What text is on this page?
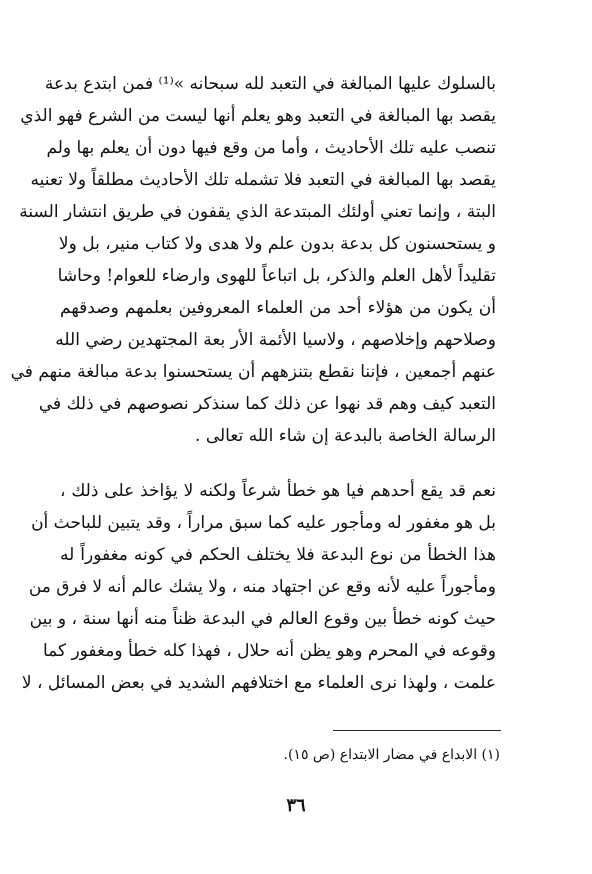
بالسلوك عليها المبالغة في التعبد لله سبحانه »⁽¹⁾ فمن ابتدع بدعة
يقصد بها المبالغة في التعبد وهو يعلم أنها ليست من الشرع فهو الذي
تنصب عليه تلك الأحاديث ، وأما من وقع فيها دون أن يعلم بها ولم
يقصد بها المبالغة في التعبد فلا تشمله تلك الأحاديث مطلقاً ولا تعنيه
البتة ، وإنما تعني أولئك المبتدعة الذي يقفون في طريق انتشار السنة
و يستحسنون كل بدعة بدون علم ولا هدى ولا كتاب منير، بل ولا
تقليداً لأهل العلم والذكر، بل اتباعاً للهوى وارضاء للعوام! وحاشا
أن يكون من هؤلاء أحد من العلماء المعروفين بعلمهم وصدقهم
وصلاحهم وإخلاصهم ، ولاسيا الأئمة الأر بعة المجتهدين رضي الله
عنهم أجمعين ، فإننا نقطع بتنزههم أن يستحسنوا بدعة مبالغة منهم في
التعبد كيف وهم قد نهوا عن ذلك كما سنذكر نصوصهم في ذلك في
الرسالة الخاصة بالبدعة إن شاء الله تعالى .
نعم قد يقع أحدهم فيا هو خطأ شرعاً ولكنه لا يؤاخذ على ذلك ،
بل هو مغفور له ومأجور عليه كما سبق مراراً ، وقد يتبين للباحث أن
هذا الخطأ من نوع البدعة فلا يختلف الحكم في كونه مغفوراً له
ومأجوراً عليه لأنه وقع عن اجتهاد منه ، ولا يشك عالم أنه لا فرق من
حيث كونه خطأ بين وقوع العالم في البدعة ظناً منه أنها سنة ، و بين
وقوعه في المحرم وهو يظن أنه حلال ، فهذا كله خطأ ومغفور كما
علمت ، ولهذا نرى العلماء مع اختلافهم الشديد في بعض المسائل ، لا
(١) الابداع في مضار الابتداع (ص ١٥).
٣٦
